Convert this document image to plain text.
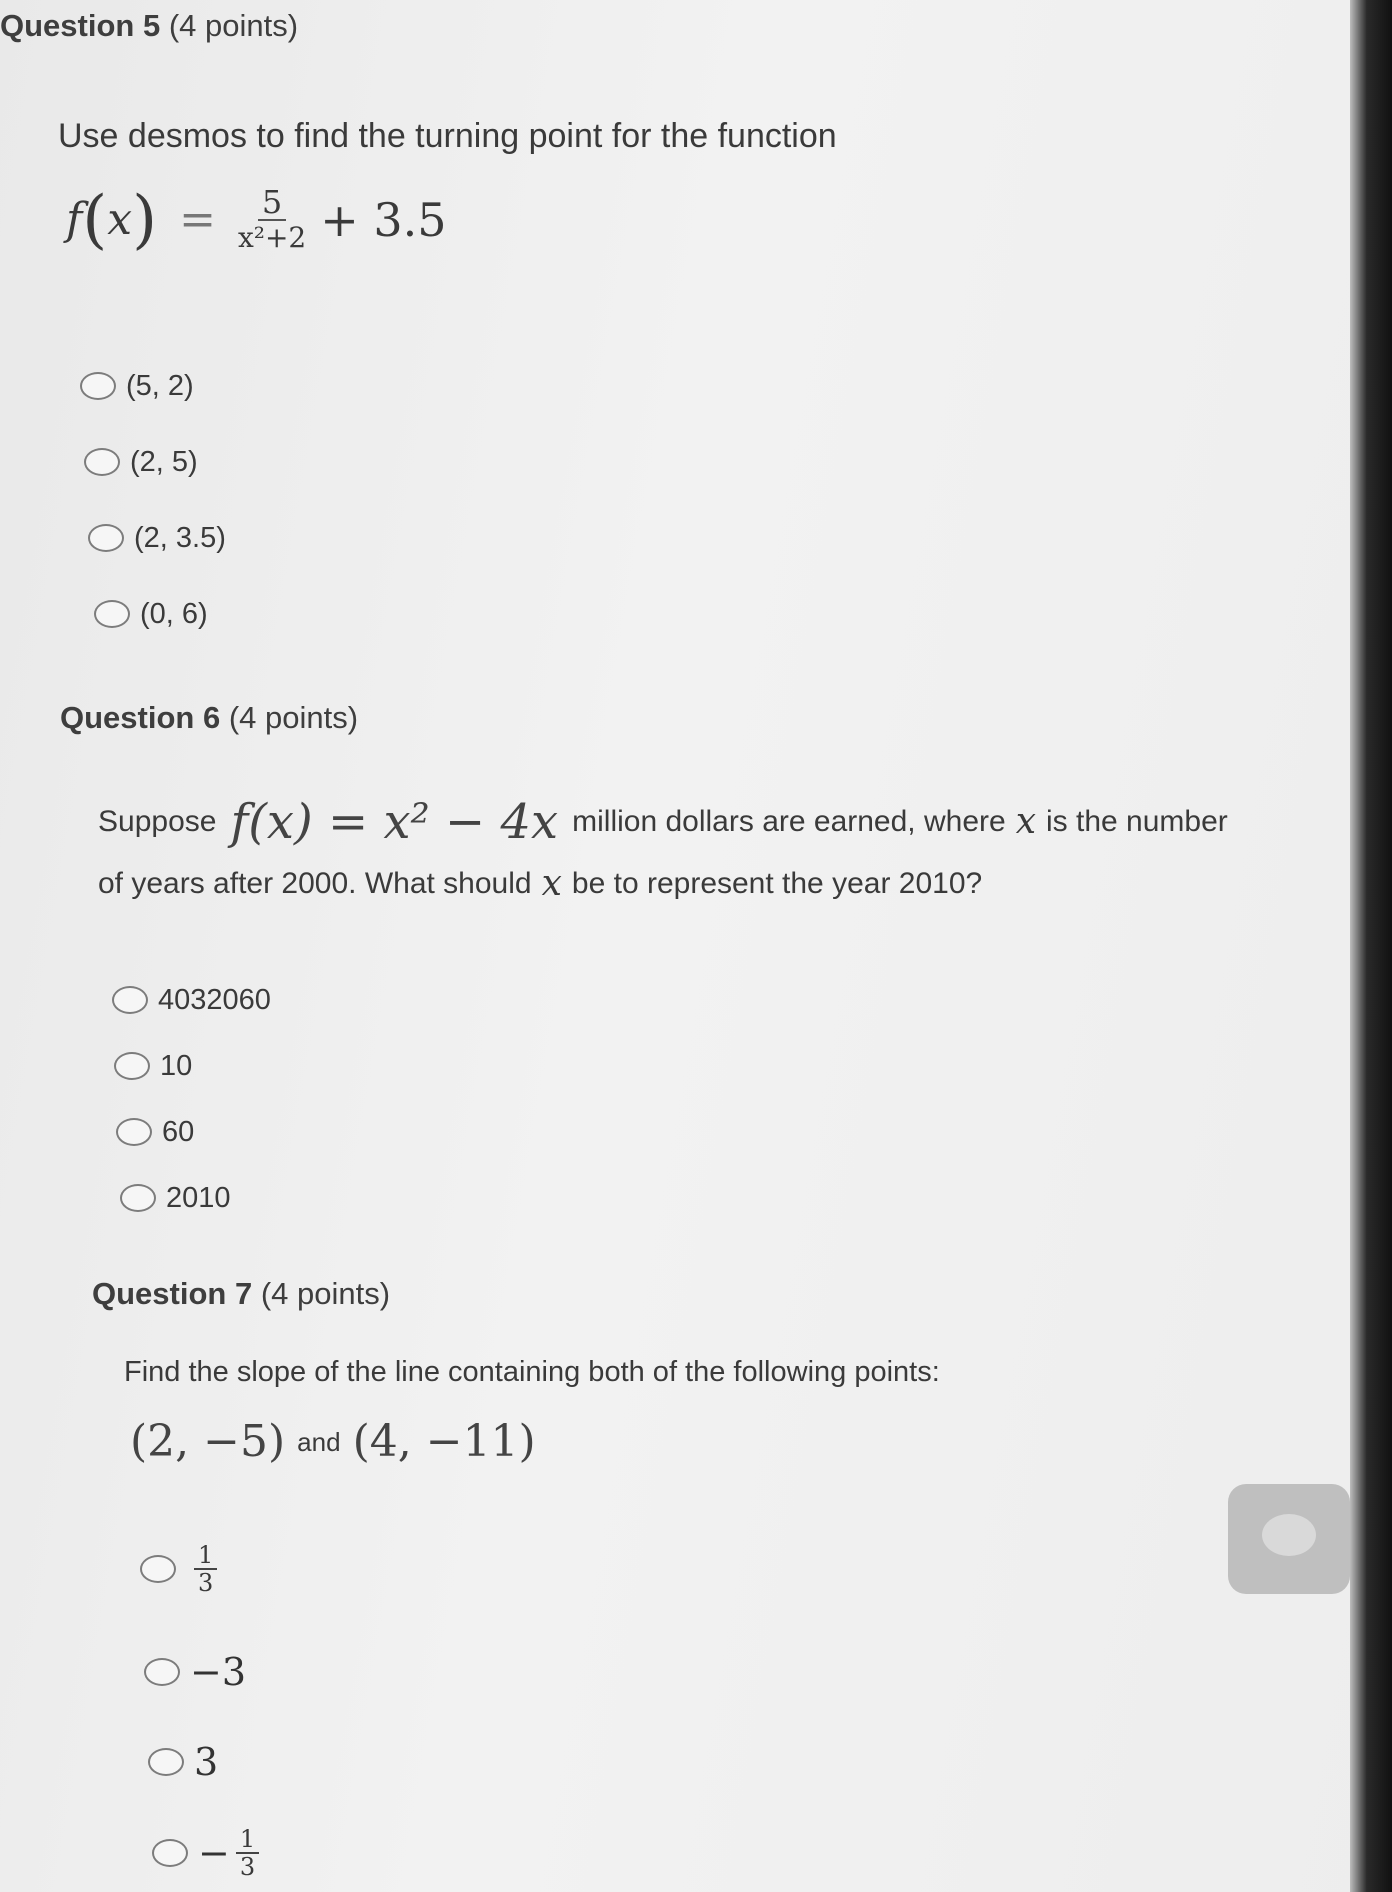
Question 5 (4 points)
Use desmos to find the turning point for the function
f ( x ) = $\frac{5}{\text{x²+2}} + 3.5$
(5, 2)
(2, 5)
(2, 3.5)
(0, 6)
Question 6 (4 points)
Suppose f(x) = x² − 4x million dollars are earned, where x is the number
of years after 2000. What should x be to represent the year 2010?
4032060
10
60
2010
Question 7 (4 points)
Find the slope of the line containing both of the following points:
(2, −5) and (4, −11)
$\frac{1}{3}$
−3
3
− $\frac{1}{3}$
